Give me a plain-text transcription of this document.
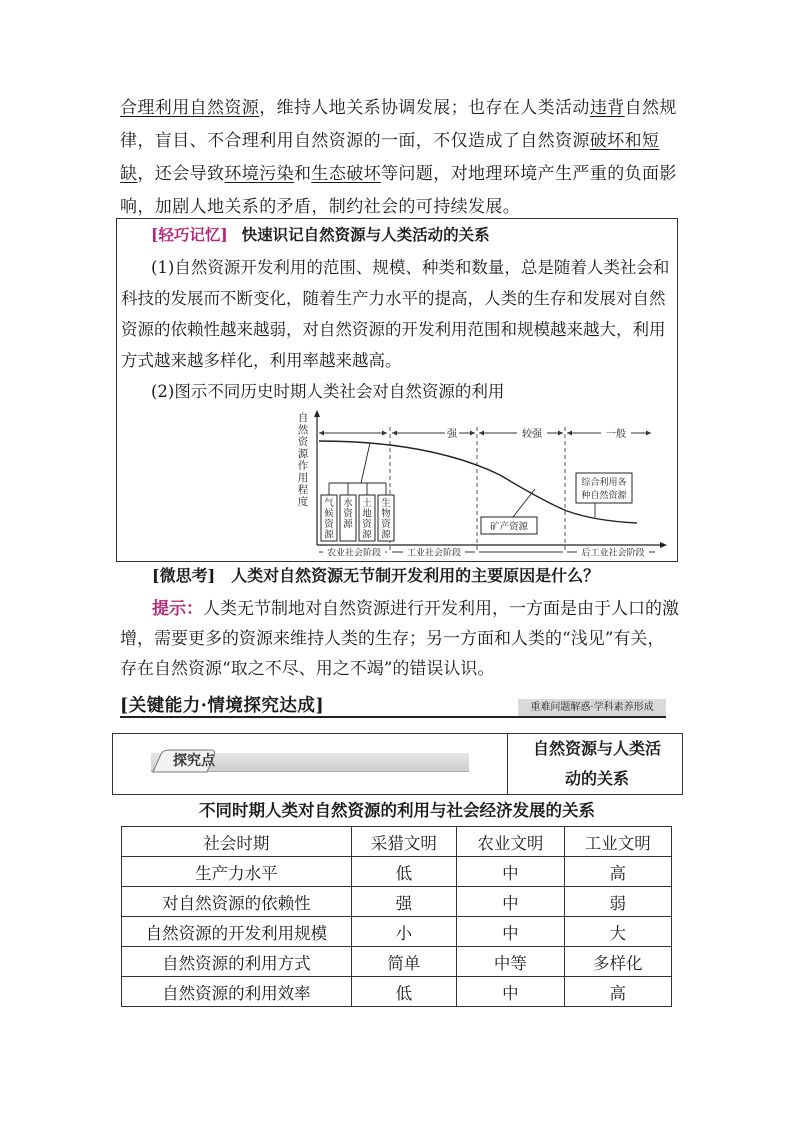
合理利用自然资源，维持人地关系协调发展；也存在人类活动违背自然规律，盲目、不合理利用自然资源的一面，不仅造成了自然资源破坏和短缺，还会导致环境污染和生态破坏等问题，对地理环境产生严重的负面影响，加剧人地关系的矛盾，制约社会的可持续发展。
[轻巧记忆] 快速识记自然资源与人类活动的关系
(1)自然资源开发利用的范围、规模、种类和数量，总是随着人类社会和科技的发展而不断变化，随着生产力水平的提高，人类的生存和发展对自然资源的依赖性越来越弱，对自然资源的开发利用范围和规模越来越大，利用方式越来越多样化，利用率越来越高。
(2)图示不同历史时期人类社会对自然资源的利用
自然资源作用程度
强	较强	一般
气候资源
水资源
土地资源
生物资源
矿产资源
综合利用各
种自然资源
农业社会阶段	工业社会阶段	后工业社会阶段
[微思考] 人类对自然资源无节制开发利用的主要原因是什么？
提示：人类无节制地对自然资源进行开发利用，一方面是由于人口的激增，需要更多的资源来维持人类的生存；另一方面和人类的“浅见”有关，存在自然资源“取之不尽、用之不竭”的错误认识。
[关键能力·情境探究达成]	重难问题解惑·学科素养形成
探究点
自然资源与人类活
动的关系
不同时期人类对自然资源的利用与社会经济发展的关系
社会时期	采猎文明	农业文明	工业文明
生产力水平	低	中	高
对自然资源的依赖性	强	中	弱
自然资源的开发利用规模	小	中	大
自然资源的利用方式	简单	中等	多样化
自然资源的利用效率	低	中	高
